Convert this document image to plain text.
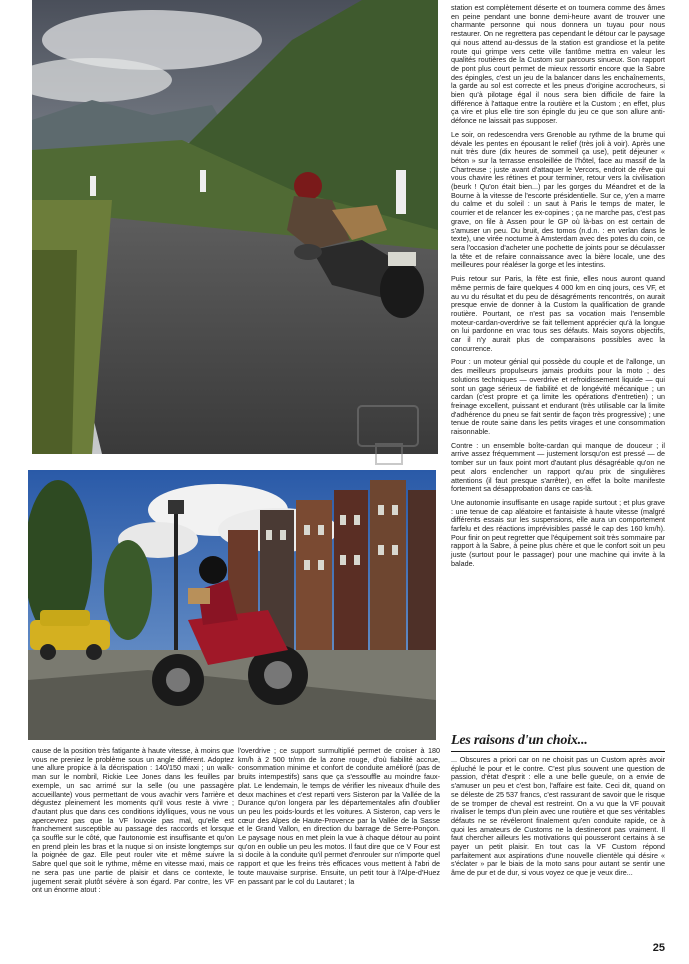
station est complètement déserte et on tournera comme des âmes en peine pendant une bonne demi-heure avant de trouver une charmante personne qui nous donnera un tuyau pour nous restaurer. On ne regrettera pas cependant le détour car le paysage qui nous attend au-dessus de la station est grandiose et la petite route qui grimpe vers cette ville fantôme mettra en valeur les qualités routières de la Custom sur parcours sinueux. Son rapport de pont plus court permet de mieux ressortir encore que la Sabre des épingles, c'est un jeu de la balancer dans les enchaînements, la garde au sol est correcte et les pneus d'origine accrocheurs, si bien qu'à pilotage égal il nous sera bien difficile de faire la différence à l'attaque entre la routière et la Custom ; en effet, plus ça vire et plus elle tire son épingle du jeu ce que son allure anti-défonce ne laissait pas supposer.

Le soir, on redescendra vers Grenoble au rythme de la brume qui dévale les pentes en épousant le relief (très joli à voir). Après une nuit très dure (dix heures de sommeil ça use), petit déjeuner « béton » sur la terrasse ensoleillée de l'hôtel, face au massif de la Chartreuse ; juste avant d'attaquer le Vercors, endroit de rêve qui vous chavire les rétines et pour terminer, retour vers la civilisation (beurk ! Qu'on était bien...) par les gorges du Méandret et de la Bourne à la vitesse de l'escorte présidentielle. Sur ce, y'en a marre du calme et du soleil : un saut à Paris le temps de mater, le courrier et de relancer les ex-copines ; ça ne marche pas, c'est pas grave, on file à Assen pour le GP où là-bas on est certain de s'amuser un peu. Du bruit, des tomos (n.d.n. : en verlan dans le texte), une virée nocturne à Amsterdam avec des potes du coin, ce sera l'occasion d'acheter une pochette de joints pour se déculasser la tête et de refaire connaissance avec la bière locale, une des meilleures pour réaléser la gorge et les intestins.

Puis retour sur Paris, la fête est finie, elles nous auront quand même permis de faire quelques 4 000 km en cinq jours, ces VF, et au vu du résultat et du peu de désagréments rencontrés, on aurait presque envie de donner à la Custom la qualification de grande routière. Pourtant, ce n'est pas sa vocation mais l'ensemble moteur-cardan-overdrive se fait tellement apprécier qu'à la longue on lui pardonne en vrac tous ses défauts. Mais soyons objectifs, car il n'y aurait plus de comparaisons possibles avec la concurrence.

Pour : un moteur génial qui possède du couple et de l'allonge, un des meilleurs propulseurs jamais produits pour la moto ; des solutions techniques — overdrive et refroidissement liquide — qui sont un gage sérieux de fiabilité et de longévité mécanique ; un cardan (c'est propre et ça limite les opérations d'entretien) ; un freinage excellent, puissant et endurant (très utilisable car la limite d'adhérence du pneu se fait sentir de façon très progressive) ; une tenue de route saine dans les petits virages et une consommation raisonnable.

Contre : un ensemble boîte-cardan qui manque de douceur ; il arrive assez fréquemment — justement lorsqu'on est pressé — de tomber sur un faux point mort d'autant plus désagréable qu'on ne peut alors enclencher un rapport qu'au prix de singulières attentions (il faut presque s'arrêter), en effet la boîte manifeste fortement sa désapprobation dans ce cas-là.

Une autonomie insuffisante en usage rapide surtout ; et plus grave : une tenue de cap aléatoire et fantaisiste à haute vitesse (malgré différents essais sur les suspensions, elle aura un comportement farfelu et des réactions imprévisibles passé le cap des 160 km/h). Pour finir on peut regretter que l'équipement soit très sommaire par rapport à la Sabre, à peine plus chère et que le confort soit un peu juste (surtout pour le passager) pour une machine qui invite à la balade.

Les raisons d'un choix...

... Obscures a priori car on ne choisit pas un Custom après avoir épluché le pour et le contre. C'est plus souvent une question de passion, d'état d'esprit : elle a une belle gueule, on a envie de s'amuser un peu et c'est bon, l'affaire est faite. Ceci dit, quand on se déleste de 25 537 francs, c'est rassurant de savoir que le risque de se tromper de cheval est restreint. On a vu que la VF pouvait rivaliser le temps d'un plein avec une routière et que ses véritables défauts ne se révéleront finalement qu'en conduite rapide, ce à quoi les amateurs de Customs ne la destineront pas vraiment. Il faut chercher ailleurs les motivations qui pousseront certains à se payer un petit plaisir. En tout cas la VF Custom répond parfaitement aux aspirations d'une nouvelle clientèle qui désire « s'éclater » par le biais de la moto sans pour autant se sentir une âme de pur et de dur, si vous voyez ce que je veux dire...

cause de la position très fatigante à haute vitesse, à moins que vous ne preniez le problème sous un angle différent. Adoptez une allure propice à la décrispation : 140/150 maxi ; un walk-man sur le nombril, Rickie Lee Jones dans les feuilles par exemple, un sac arrimé sur la selle (ou une passagère accueillante) vous permettant de vous avachir vers l'arrière et dégustez pleinement les moments qu'il vous reste à vivre ; d'autant plus que dans ces conditions idylliques, vous ne vous apercevrez pas que la VF louvoie pas mal, qu'elle est franchement susceptible au passage des raccords et lorsque ça souffle sur le côté, que l'autonomie est insuffisante et qu'on en prend plein les bras et la nuque si on insiste longtemps sur la poignée de gaz. Elle peut rouler vite et même suivre la Sabre quel que soit le rythme, même en vitesse maxi, mais ce ne sera pas une partie de plaisir et dans ce contexte, le jugement serait plutôt sévère à son égard. Par contre, les VF ont un énorme atout :

l'overdrive ; ce support surmultiplié permet de croiser à 180 km/h à 2 500 tr/mn de la zone rouge, d'où fiabilité accrue, consommation minime et confort de conduite amélioré (pas de bruits intempestifs) sans que ça s'essouffle au moindre faux-plat. Le lendemain, le temps de vérifier les niveaux d'huile des deux machines et c'est reparti vers Sisteron par la Vallée de la Durance qu'on longera par les départementales afin d'oublier un peu les poids-lourds et les voitures. A Sisteron, cap vers le cœur des Alpes de Haute-Provence par la Vallée de la Sasse et le Grand Vallon, en direction du barrage de Serre-Ponçon. Le paysage nous en met plein la vue à chaque détour au point qu'on en oublie un peu les motos. Il faut dire que ce V Four est si docile à la conduite qu'il permet d'enrouler sur n'importe quel rapport et que les freins très efficaces vous mettent à l'abri de toute mauvaise surprise. Ensuite, un petit tour à l'Alpe-d'Huez en passant par le col du Lautaret ; la

25
